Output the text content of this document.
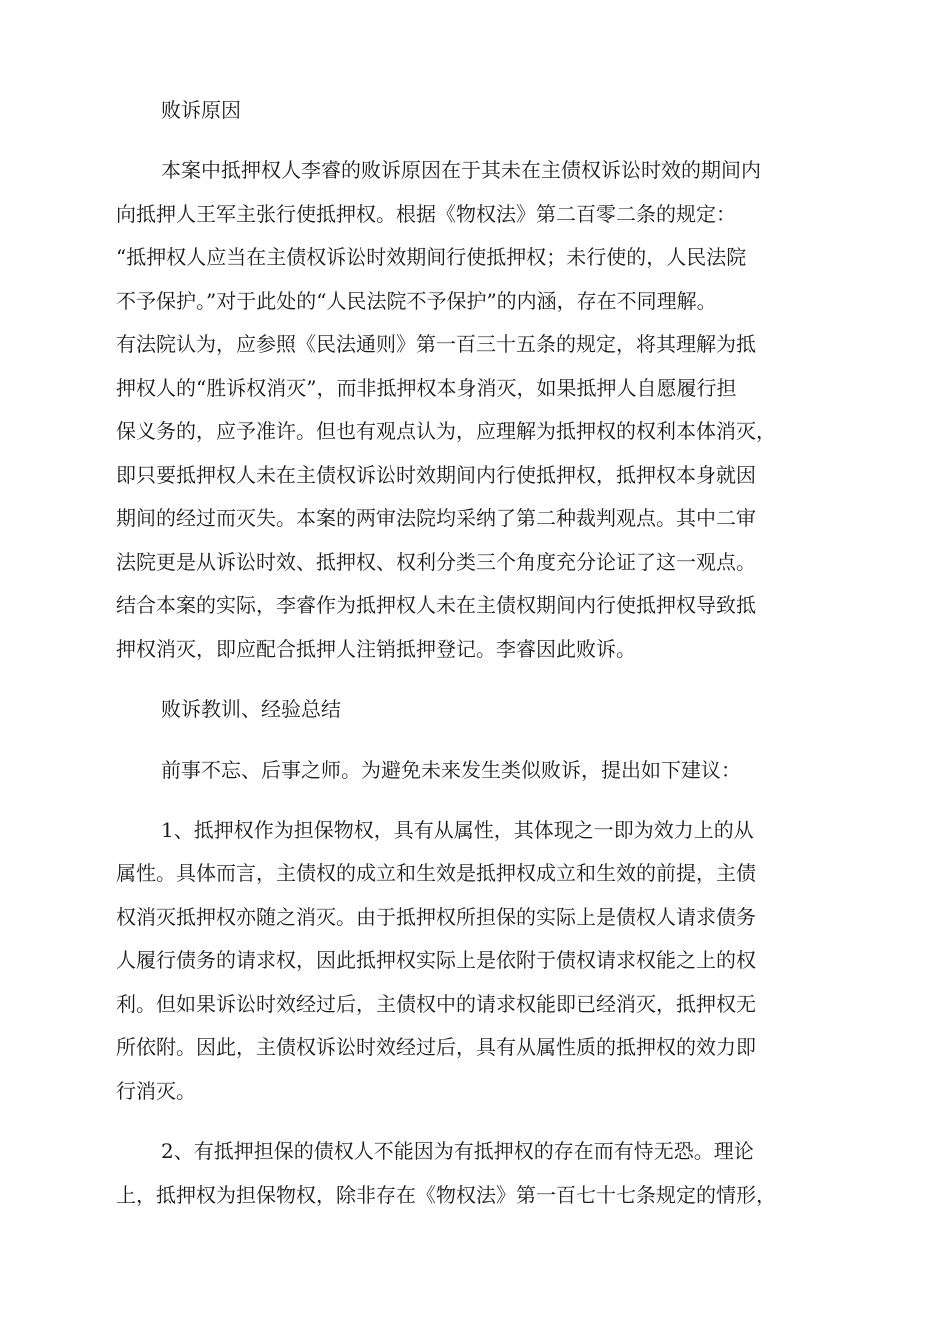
败诉原因

本案中抵押权人李睿的败诉原因在于其未在主债权诉讼时效的期间内

向抵押人王军主张行使抵押权。根据《物权法》第二百零二条的规定：

“抵押权人应当在主债权诉讼时效期间行使抵押权；未行使的，人民法院

不予保护。”对于此处的“人民法院不予保护”的内涵，存在不同理解。

有法院认为，应参照《民法通则》第一百三十五条的规定，将其理解为抵

押权人的“胜诉权消灭”，而非抵押权本身消灭，如果抵押人自愿履行担

保义务的，应予准许。但也有观点认为，应理解为抵押权的权利本体消灭，

即只要抵押权人未在主债权诉讼时效期间内行使抵押权，抵押权本身就因

期间的经过而灭失。本案的两审法院均采纳了第二种裁判观点。其中二审

法院更是从诉讼时效、抵押权、权利分类三个角度充分论证了这一观点。

结合本案的实际，李睿作为抵押权人未在主债权期间内行使抵押权导致抵

押权消灭，即应配合抵押人注销抵押登记。李睿因此败诉。

败诉教训、经验总结

前事不忘、后事之师。为避免未来发生类似败诉，提出如下建议：

1、抵押权作为担保物权，具有从属性，其体现之一即为效力上的从

属性。具体而言，主债权的成立和生效是抵押权成立和生效的前提，主债

权消灭抵押权亦随之消灭。由于抵押权所担保的实际上是债权人请求债务

人履行债务的请求权，因此抵押权实际上是依附于债权请求权能之上的权

利。但如果诉讼时效经过后，主债权中的请求权能即已经消灭，抵押权无

所依附。因此，主债权诉讼时效经过后，具有从属性质的抵押权的效力即

行消灭。

2、有抵押担保的债权人不能因为有抵押权的存在而有恃无恐。理论

上，抵押权为担保物权，除非存在《物权法》第一百七十七条规定的情形，
